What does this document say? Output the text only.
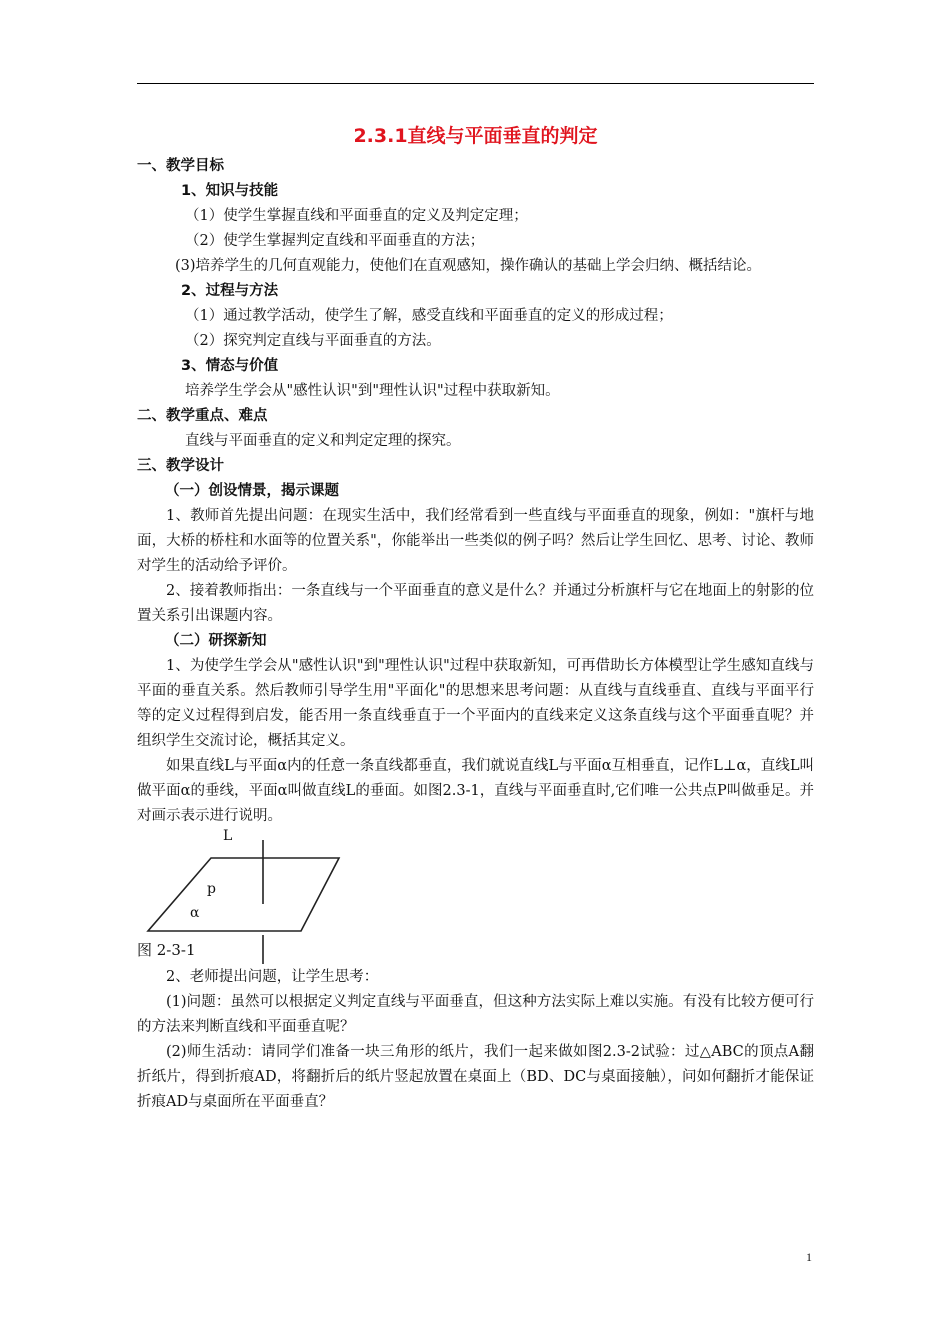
2.3.1直线与平面垂直的判定
一、教学目标
1、知识与技能
（1）使学生掌握直线和平面垂直的定义及判定定理；
（2）使学生掌握判定直线和平面垂直的方法；
(3)培养学生的几何直观能力，使他们在直观感知，操作确认的基础上学会归纳、概括结论。
2、过程与方法
（1）通过教学活动，使学生了解，感受直线和平面垂直的定义的形成过程；
（2）探究判定直线与平面垂直的方法。
3、情态与价值
培养学生学会从"感性认识"到"理性认识"过程中获取新知。
二、教学重点、难点
直线与平面垂直的定义和判定定理的探究。
三、教学设计
（一）创设情景，揭示课题
1、教师首先提出问题：在现实生活中，我们经常看到一些直线与平面垂直的现象，例如："旗杆与地面，大桥的桥柱和水面等的位置关系"，你能举出一些类似的例子吗？然后让学生回忆、思考、讨论、教师对学生的活动给予评价。
2、接着教师指出：一条直线与一个平面垂直的意义是什么？并通过分析旗杆与它在地面上的射影的位置关系引出课题内容。
（二）研探新知
1、为使学生学会从"感性认识"到"理性认识"过程中获取新知，可再借助长方体模型让学生感知直线与平面的垂直关系。然后教师引导学生用"平面化"的思想来思考问题：从直线与直线垂直、直线与平面平行等的定义过程得到启发，能否用一条直线垂直于一个平面内的直线来定义这条直线与这个平面垂直呢？并组织学生交流讨论，概括其定义。
如果直线L与平面α内的任意一条直线都垂直，我们就说直线L与平面α互相垂直，记作L⊥α，直线L叫做平面α的垂线，平面α叫做直线L的垂面。如图2.3-1，直线与平面垂直时,它们唯一公共点P叫做垂足。并对画示表示进行说明。
L
p
α
图 2-3-1
2、老师提出问题，让学生思考：
(1)问题：虽然可以根据定义判定直线与平面垂直，但这种方法实际上难以实施。有没有比较方便可行的方法来判断直线和平面垂直呢？
(2)师生活动：请同学们准备一块三角形的纸片，我们一起来做如图2.3-2试验：过△ABC的顶点A翻折纸片，得到折痕AD，将翻折后的纸片竖起放置在桌面上（BD、DC与桌面接触），问如何翻折才能保证折痕AD与桌面所在平面垂直？
1
